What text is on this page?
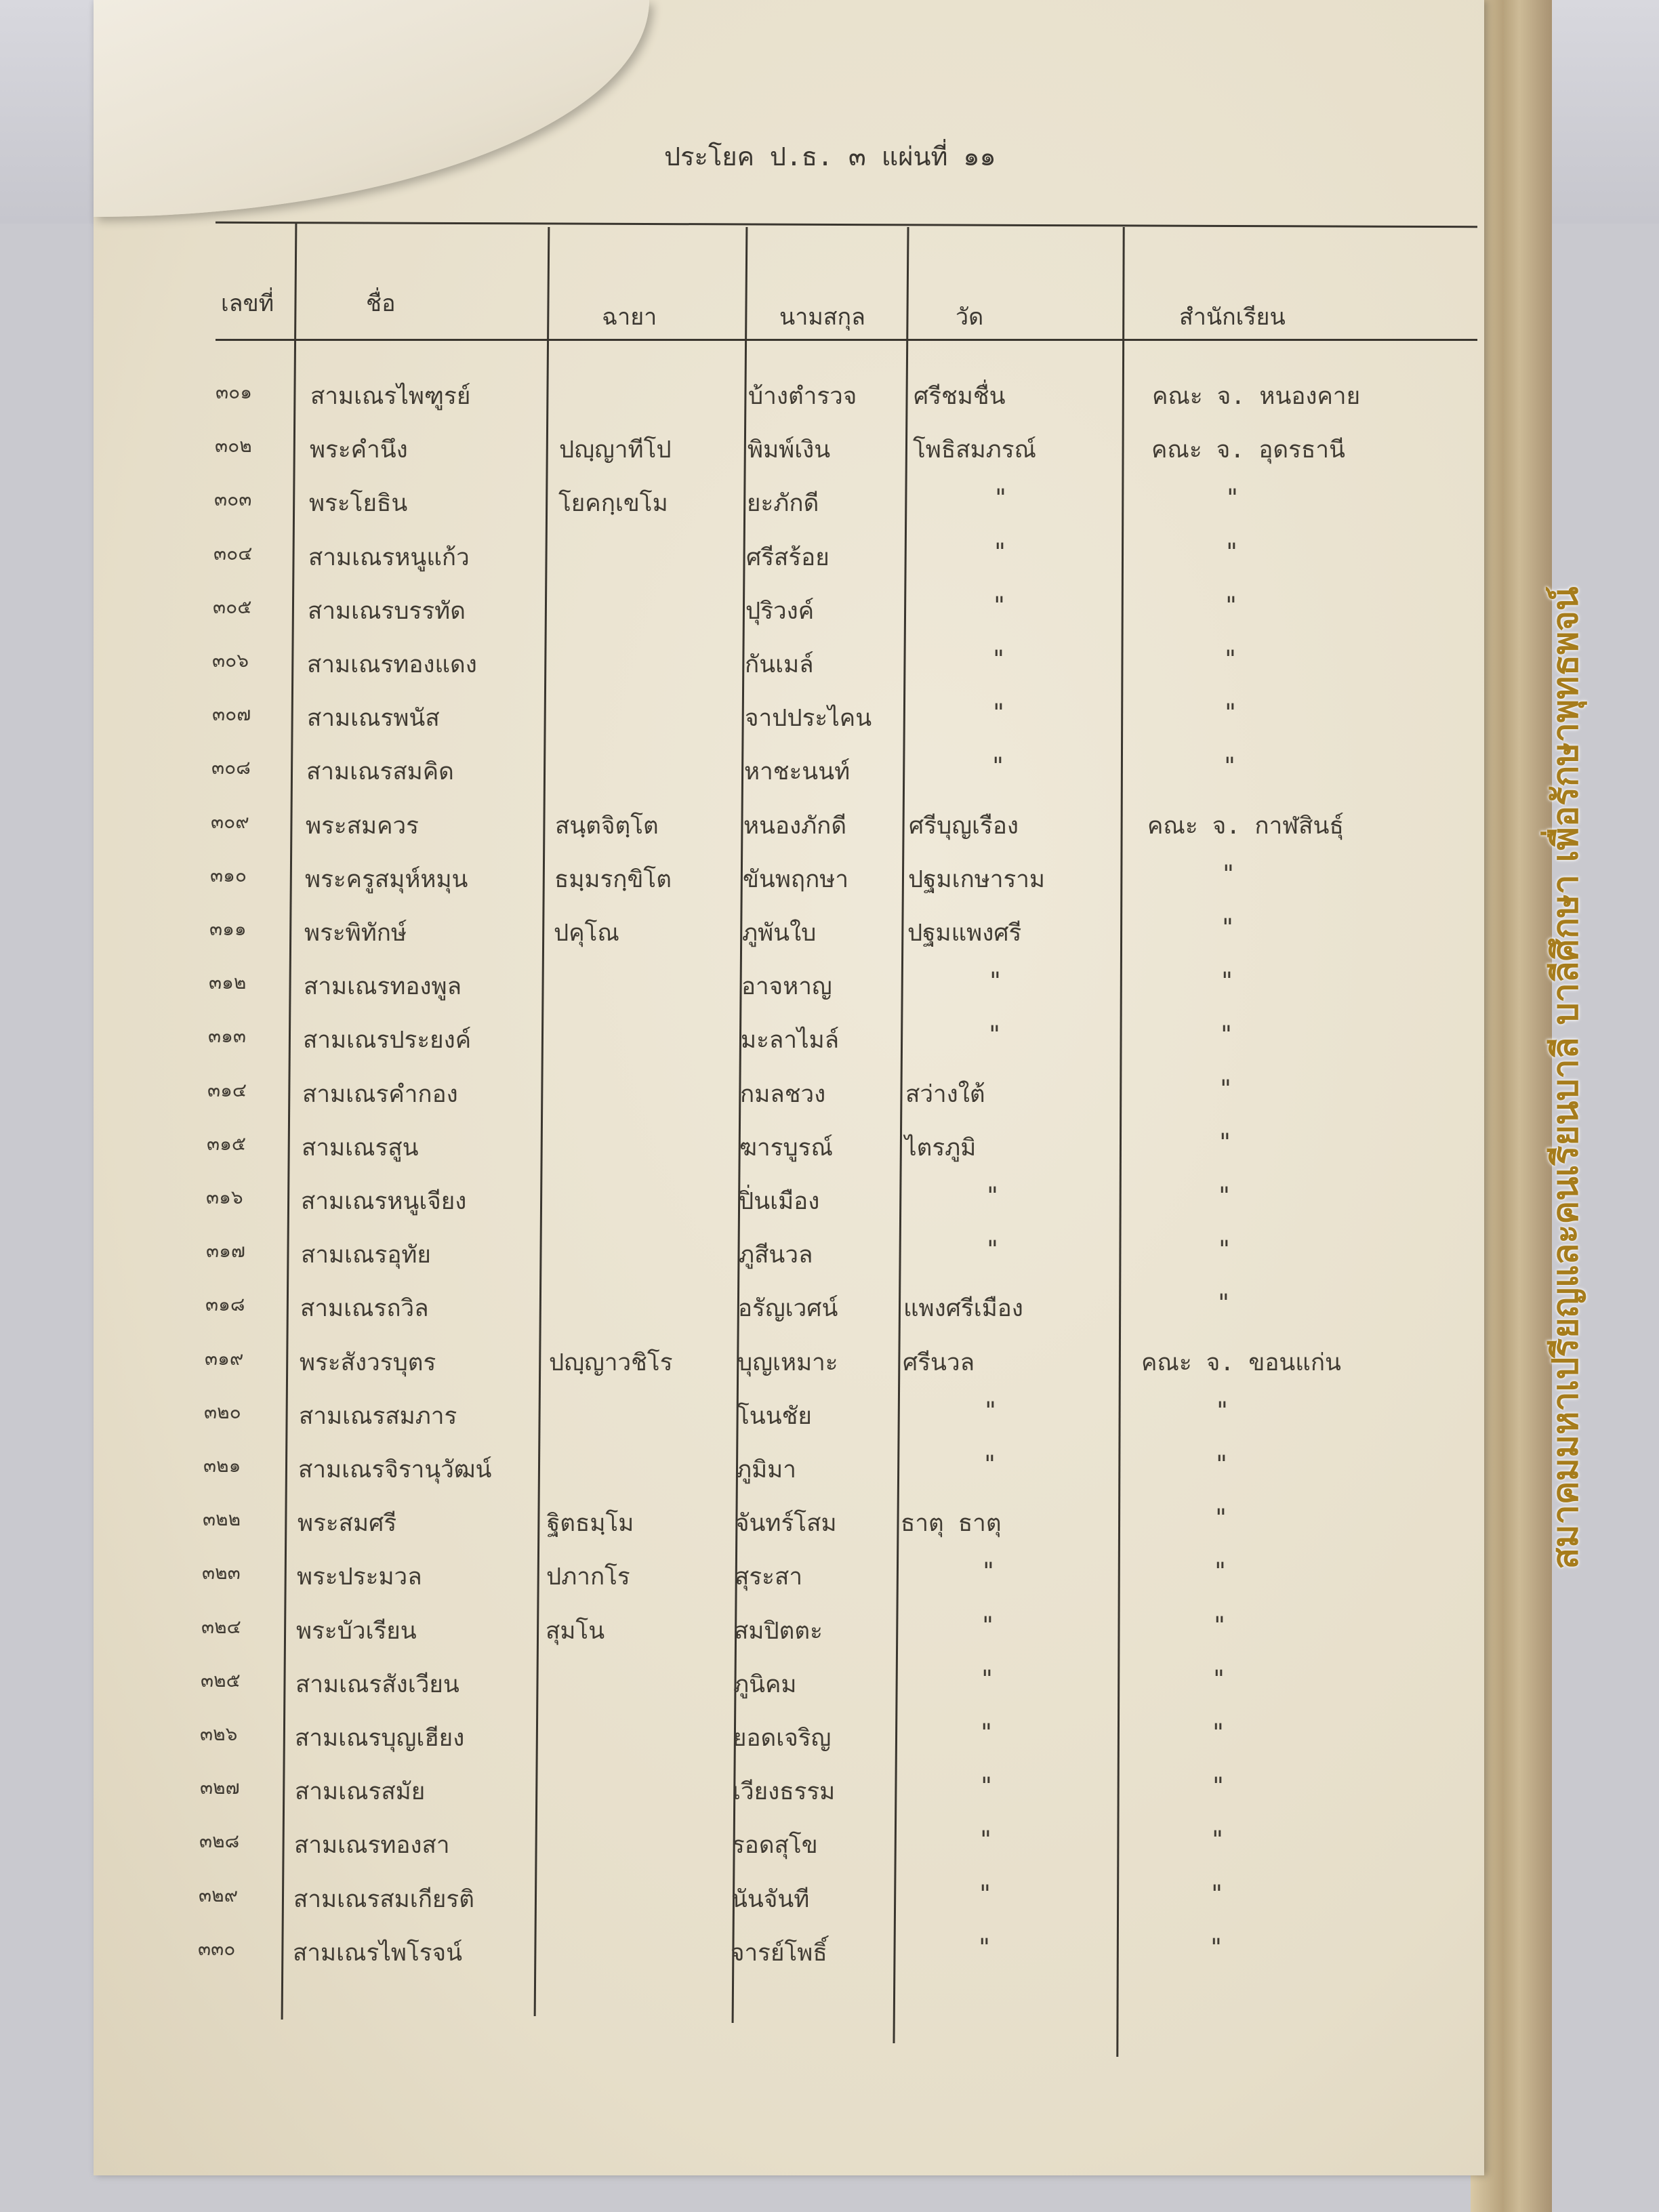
ประโยค ป.ธ. ๓ แผ่นที่ ๑๑
เลขที่	ชื่อ	ฉายา	นามสกุล	วัด	สำนักเรียน
๓๐๑ สามเณรไพฑูรย์	บ้างตำรวจ ศรีชมชื่น	คณะ จ. หนองคาย
๓๐๒ พระคำนึง	ปญฺญาทีโป	พิมพ์เงิน	โพธิสมภรณ์	คณะ จ. อุดรธานี
๓๐๓ พระโยธิน	โยคกฺเขโม	ยะภักดี	"	"
๓๐๔ สามเณรหนูแก้ว	ศรีสร้อย	"	"
๓๐๕ สามเณรบรรทัด	ปุริวงค์	"	"
๓๐๖ สามเณรทองแดง	กันเมล์	"	"
๓๐๗ สามเณรพนัส	จาปประไคน	"	"
๓๐๘ สามเณรสมคิด	หาชะนนท์	"	"
๓๐๙ พระสมควร	สนฺตจิตฺโต	หนองภักดี	ศรีบุญเรือง	คณะ จ. กาฬสินธุ์
๓๑๐ พระครูสมุห์หมุน	ธมฺมรกฺขิโต	ขันพฤกษา	ปฐมเกษาราม	"
๓๑๑ พระพิทักษ์	ปคุโณ	ภูพันใบ	ปฐมแพงศรี	"
๓๑๒ สามเณรทองพูล	อาจหาญ	"	"
๓๑๓ สามเณรประยงค์	มะลาไมล์	"	"
๓๑๔ สามเณรคำกอง	กมลชวง	สว่างใต้	"
๓๑๕ สามเณรสูน	ฆารบูรณ์	ไตรภูมิ	"
๓๑๖ สามเณรหนูเจียง	ปิ่นเมือง	"	"
๓๑๗ สามเณรอุทัย	ภูสีนวล	"	"
๓๑๘ สามเณรถวิล	อรัญเวศน์	แพงศรีเมือง	"
๓๑๙ พระสังวรบุตร	ปญฺญาวชิโร	บุญเหมาะ	ศรีนวล	คณะ จ. ขอนแก่น
๓๒๐ สามเณรสมภาร	โนนชัย	"	"
๓๒๑ สามเณรจิรานุวัฒน์	ภูมิมา	"	"
๓๒๒ พระสมศรี	ฐิตธมฺโม	จันทร์โสม	ธาตุ ธาตุ	"
๓๒๓ พระประมวล	ปภากโร	สุระสา	"	"
๓๒๔ พระบัวเรียน	สุมโน	สมปิตตะ	"	"
๓๒๕ สามเณรสังเวียน	ภูนิคม	"	"
๓๒๖ สามเณรบุญเฮียง	ยอดเจริญ	"	"
๓๒๗ สามเณรสมัย	เวียงธรรม	"	"
๓๒๘ สามเณรทองสา	รอดสุโข	"	"
๓๒๙ สามเณรสมเกียรติ	นันจันที	"	"
๓๓๐ สามเณรไพโรจน์	จารย์โพธิ์	"	"
สมาคมมหาเปรียญและคนเรียนบาลี บาลีศึกษา เพื่อรักษาพุทธพจน์
